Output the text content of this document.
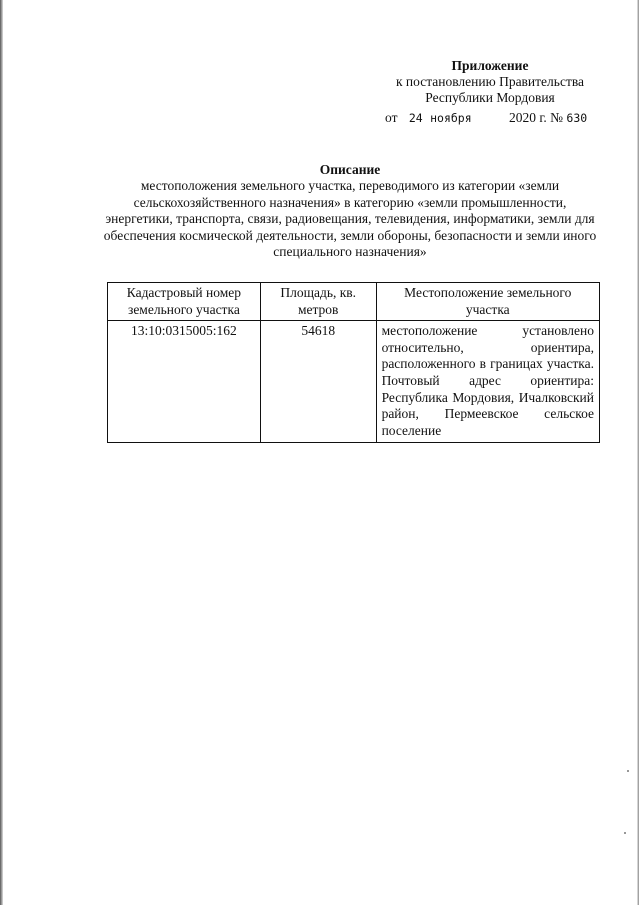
Приложение
к постановлению Правительства
Республики Мордовия
от 24 ноября	2020 г. № 630
Описание
местоположения земельного участка, переводимого из категории «земли сельскохозяйственного назначения» в категорию «земли промышленности, энергетики, транспорта, связи, радиовещания, телевидения, информатики, земли для обеспечения космической деятельности, земли обороны, безопасности и земли иного специального назначения»
Кадастровый номер земельного участка	Площадь, кв. метров	Местоположение земельного участка
13:10:0315005:162	54618	местоположение установлено относительно, ориентира, расположенного в границах участка. Почтовый адрес ориентира: Республика Мордовия, Ичалковский район, Пермеевское сельское поселение
